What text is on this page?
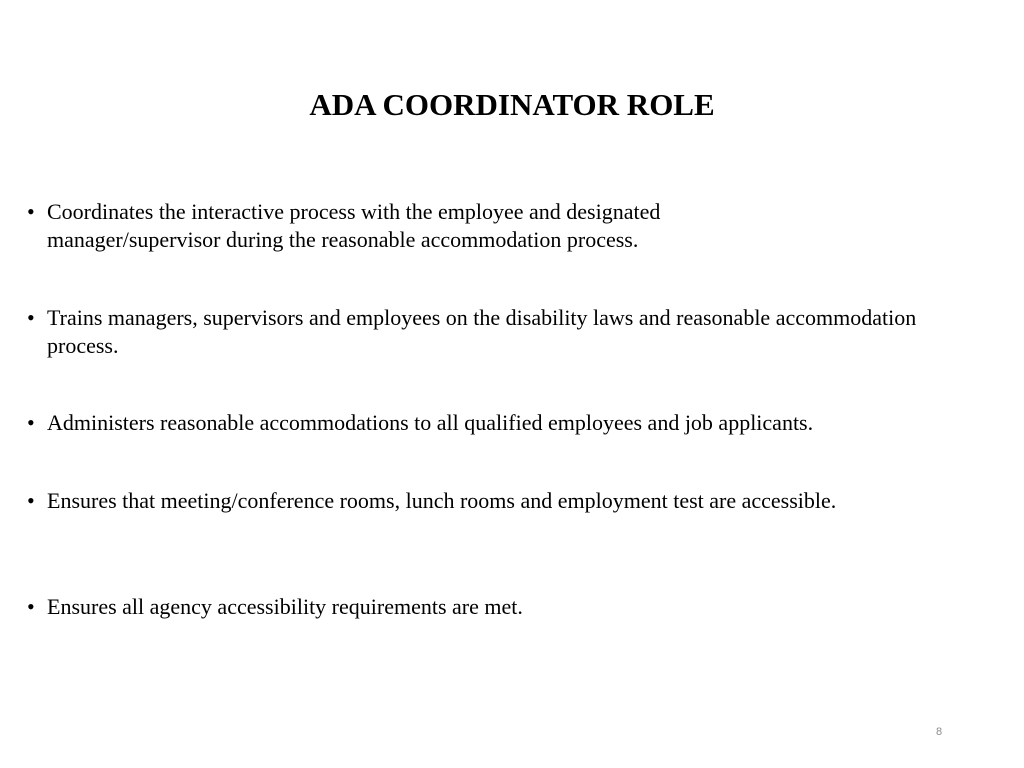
ADA COORDINATOR ROLE
• Coordinates the interactive process with the employee and designated manager/supervisor during the reasonable accommodation process.
• Trains managers, supervisors and employees on the disability laws and reasonable accommodation process.
• Administers reasonable accommodations to all qualified employees and job applicants.
• Ensures that meeting/conference rooms, lunch rooms and employment test are accessible.
• Ensures all agency accessibility requirements are met.
8
